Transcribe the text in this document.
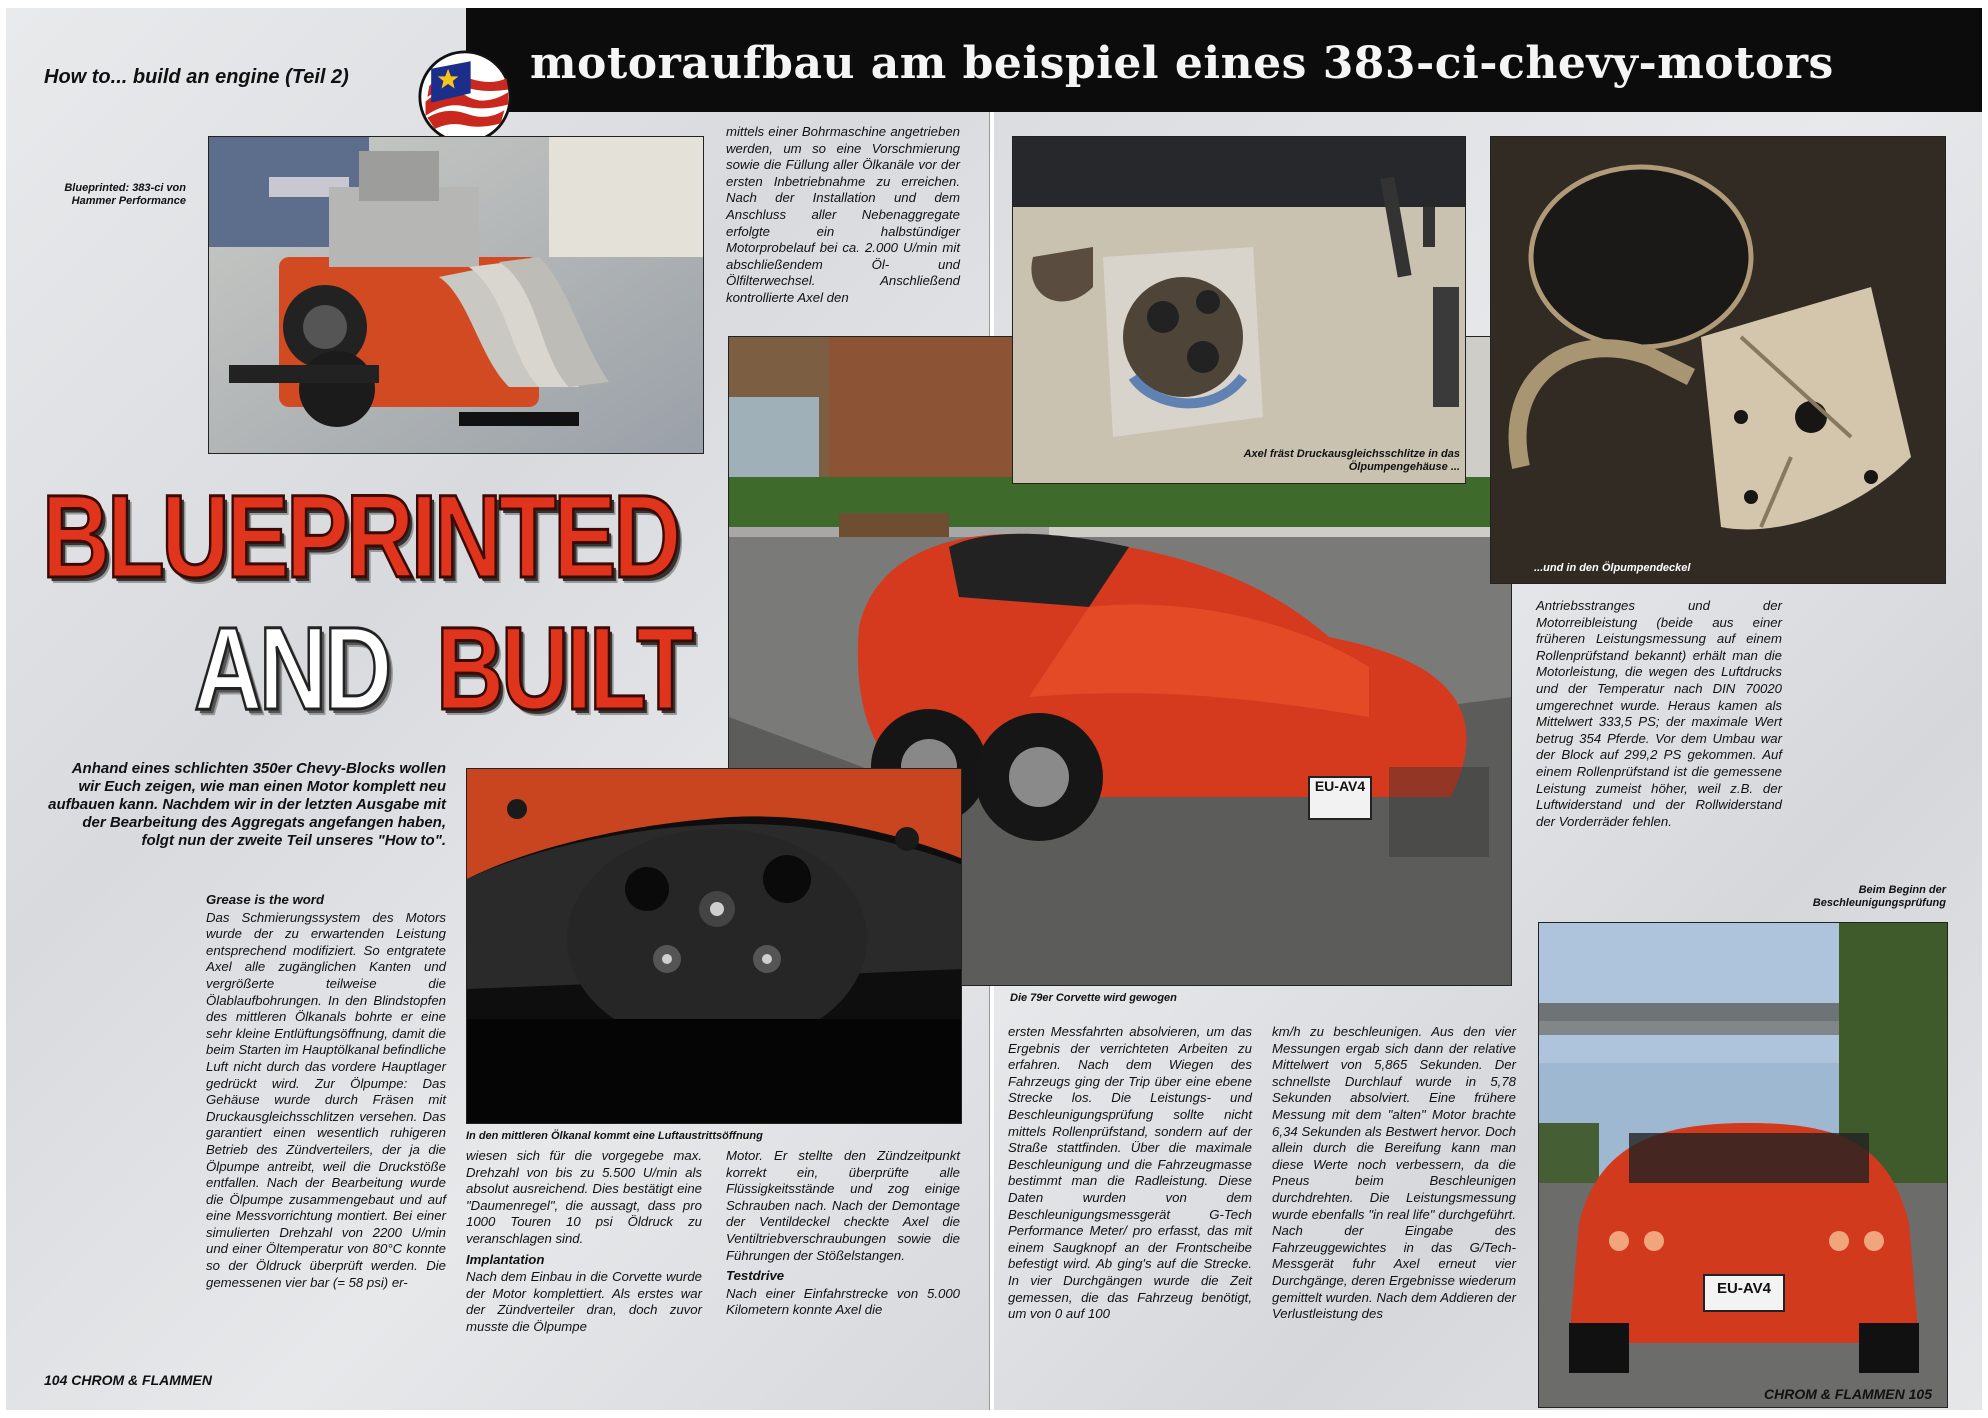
motoraufbau am beispiel eines 383-ci-chevy-motors
How to... build an engine (Teil 2)
Blueprinted: 383-ci von Hammer Performance
mittels einer Bohrmaschine angetrieben werden, um so eine Vorschmierung sowie die Füllung aller Ölkanäle vor der ersten Inbetriebnahme zu erreichen. Nach der Installation und dem Anschluss aller Nebenaggregate erfolgte ein halbstündiger Motorprobelauf bei ca. 2.000 U/min mit abschließendem Öl- und Ölfilterwechsel. Anschließend kontrollierte Axel den
EU-AV4
Die 79er Corvette wird gewogen
BLUEPRINTED
AND BUILT
Anhand eines schlichten 350er Chevy-Blocks wollen wir Euch zeigen, wie man einen Motor komplett neu aufbauen kann. Nachdem wir in der letzten Ausgabe mit der Bearbeitung des Aggregats angefangen haben, folgt nun der zweite Teil unseres "How to".
In den mittleren Ölkanal kommt eine Luftaustrittsöffnung
Grease is the word
Das Schmierungssystem des Motors wurde der zu erwartenden Leistung entsprechend modifiziert. So entgratete Axel alle zugänglichen Kanten und vergrößerte teilweise die Ölablaufbohrungen. In den Blindstopfen des mittleren Ölkanals bohrte er eine sehr kleine Entlüftungsöffnung, damit die beim Starten im Hauptölkanal befindliche Luft nicht durch das vordere Hauptlager gedrückt wird. Zur Ölpumpe: Das Gehäuse wurde durch Fräsen mit Druckausgleichsschlitzen versehen. Das garantiert einen wesentlich ruhigeren Betrieb des Zündverteilers, der ja die Ölpumpe antreibt, weil die Druckstöße entfallen. Nach der Bearbeitung wurde die Ölpumpe zusammengebaut und auf eine Messvorrichtung montiert. Bei einer simulierten Drehzahl von 2200 U/min und einer Öltemperatur von 80°C konnte so der Öldruck überprüft werden. Die gemessenen vier bar (= 58 psi) er-
wiesen sich für die vorgegebe max. Drehzahl von bis zu 5.500 U/min als absolut ausreichend. Dies bestätigt eine "Daumenregel", die aussagt, dass pro 1000 Touren 10 psi Öldruck zu veranschlagen sind.
Implantation
Nach dem Einbau in die Corvette wurde der Motor komplettiert. Als erstes war der Zündverteiler dran, doch zuvor musste die Ölpumpe
Motor. Er stellte den Zündzeitpunkt korrekt ein, überprüfte alle Flüssigkeitsstände und zog einige Schrauben nach. Nach der Demontage der Ventildeckel checkte Axel die Ventiltriebverschraubungen sowie die Führungen der Stößelstangen.
Testdrive
Nach einer Einfahrstrecke von 5.000 Kilometern konnte Axel die
Axel fräst Druckausgleichsschlitze in das Ölpumpengehäuse ...
...und in den Ölpumpendeckel
Antriebsstranges und der Motorreibleistung (beide aus einer früheren Leistungsmessung auf einem Rollenprüfstand bekannt) erhält man die Motorleistung, die wegen des Luftdrucks und der Temperatur nach DIN 70020 umgerechnet wurde. Heraus kamen als Mittelwert 333,5 PS; der maximale Wert betrug 354 Pferde. Vor dem Umbau war der Block auf 299,2 PS gekommen. Auf einem Rollenprüfstand ist die gemessene Leistung zumeist höher, weil z.B. der Luftwiderstand und der Rollwiderstand der Vorderräder fehlen.
Beim Beginn der Beschleunigungsprüfung
EU-AV4
ersten Messfahrten absolvieren, um das Ergebnis der verrichteten Arbeiten zu erfahren. Nach dem Wiegen des Fahrzeugs ging der Trip über eine ebene Strecke los. Die Leistungs- und Beschleunigungsprüfung sollte nicht mittels Rollenprüfstand, sondern auf der Straße stattfinden. Über die maximale Beschleunigung und die Fahrzeugmasse bestimmt man die Radleistung. Diese Daten wurden von dem Beschleunigungsmessgerät G-Tech Performance Meter/ pro erfasst, das mit einem Saugknopf an der Frontscheibe befestigt wird. Ab ging's auf die Strecke. In vier Durchgängen wurde die Zeit gemessen, die das Fahrzeug benötigt, um von 0 auf 100
km/h zu beschleunigen. Aus den vier Messungen ergab sich dann der relative Mittelwert von 5,865 Sekunden. Der schnellste Durchlauf wurde in 5,78 Sekunden absolviert. Eine frühere Messung mit dem "alten" Motor brachte 6,34 Sekunden als Bestwert hervor. Doch allein durch die Bereifung kann man diese Werte noch verbessern, da die Pneus beim Beschleunigen durchdrehten. Die Leistungsmessung wurde ebenfalls "in real life" durchgeführt. Nach der Eingabe des Fahrzeuggewichtes in das G/Tech-Messgerät fuhr Axel erneut vier Durchgänge, deren Ergebnisse wiederum gemittelt wurden. Nach dem Addieren der Verlustleistung des
104 CHROM & FLAMMEN
CHROM & FLAMMEN 105
